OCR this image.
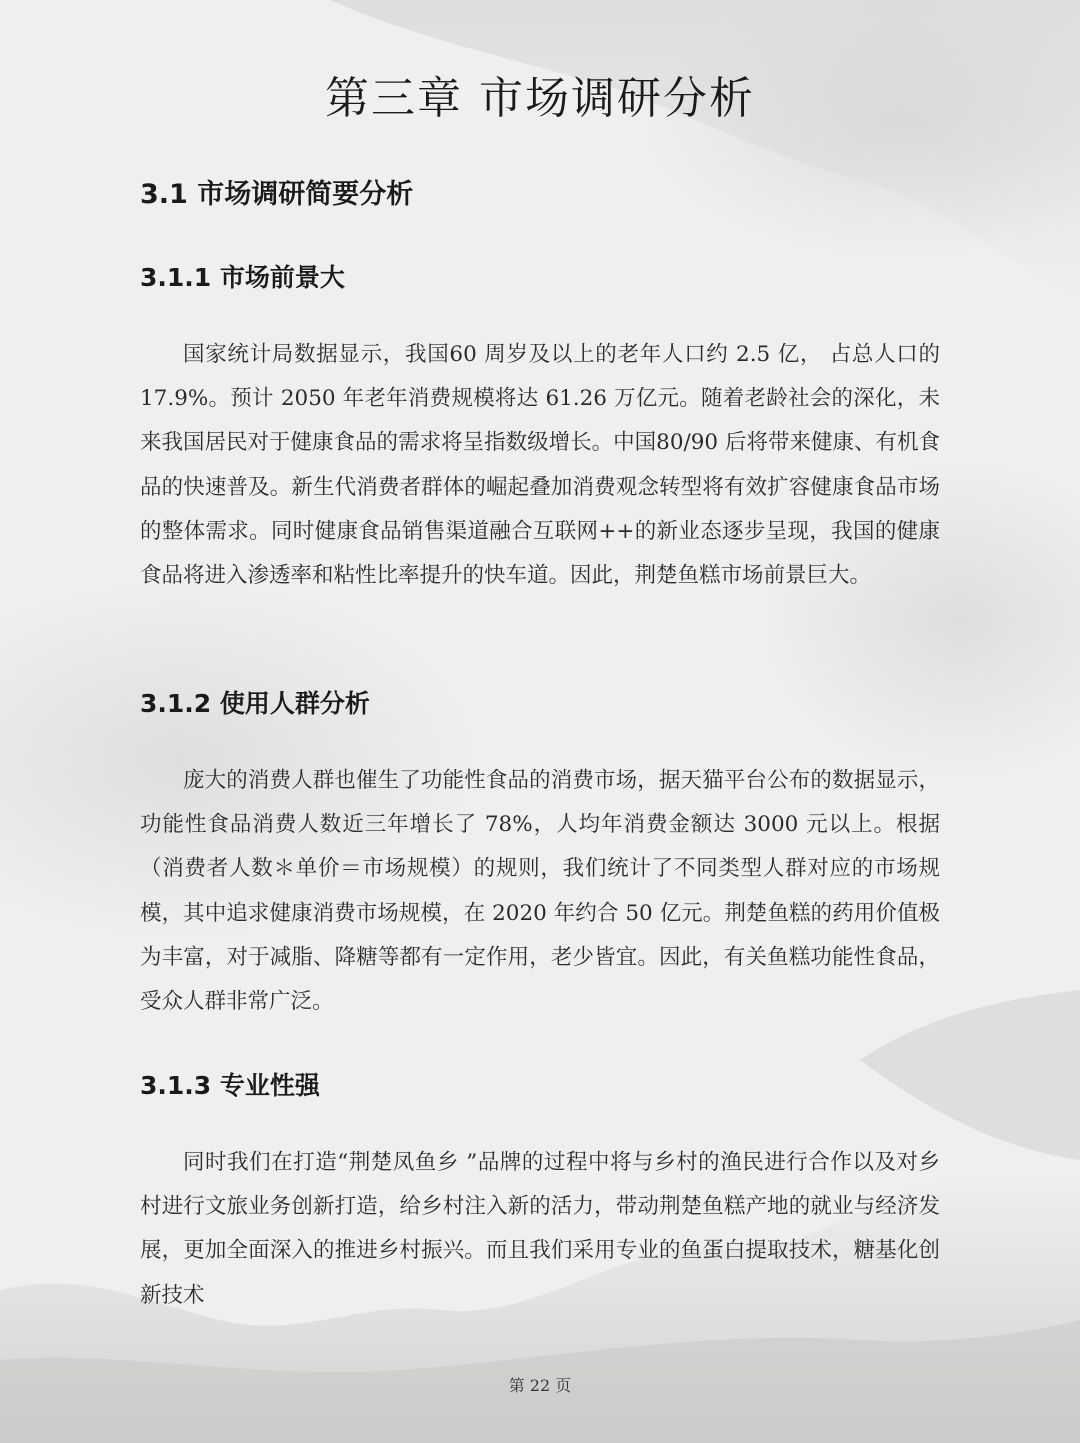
第三章 市场调研分析
3.1 市场调研简要分析
3.1.1 市场前景大

国家统计局数据显示，我国60 周岁及以上的老年人口约 2.5 亿， 占总人口的 17.9%。预计 2050 年老年消费规模将达 61.26 万亿元。随着老龄社会的深化，未来我国居民对于健康食品的需求将呈指数级增长。中国80/90 后将带来健康、有机食品的快速普及。新生代消费者群体的崛起叠加消费观念转型将有效扩容健康食品市场的整体需求。同时健康食品销售渠道融合互联网++的新业态逐步呈现，我国的健康食品将进入渗透率和粘性比率提升的快车道。因此，荆楚鱼糕市场前景巨大。

3.1.2 使用人群分析

庞大的消费人群也催生了功能性食品的消费市场，据天猫平台公布的数据显示，功能性食品消费人数近三年增长了 78%，人均年消费金额达 3000 元以上。根据（消费者人数＊单价＝市场规模）的规则，我们统计了不同类型人群对应的市场规模，其中追求健康消费市场规模，在 2020 年约合 50 亿元。荆楚鱼糕的药用价值极为丰富，对于减脂、降糖等都有一定作用，老少皆宜。因此，有关鱼糕功能性食品，受众人群非常广泛。

3.1.3 专业性强

同时我们在打造“荆楚凤鱼乡 ”品牌的过程中将与乡村的渔民进行合作以及对乡村进行文旅业务创新打造，给乡村注入新的活力，带动荆楚鱼糕产地的就业与经济发展，更加全面深入的推进乡村振兴。而且我们采用专业的鱼蛋白提取技术，糖基化创新技术

第 22 页
